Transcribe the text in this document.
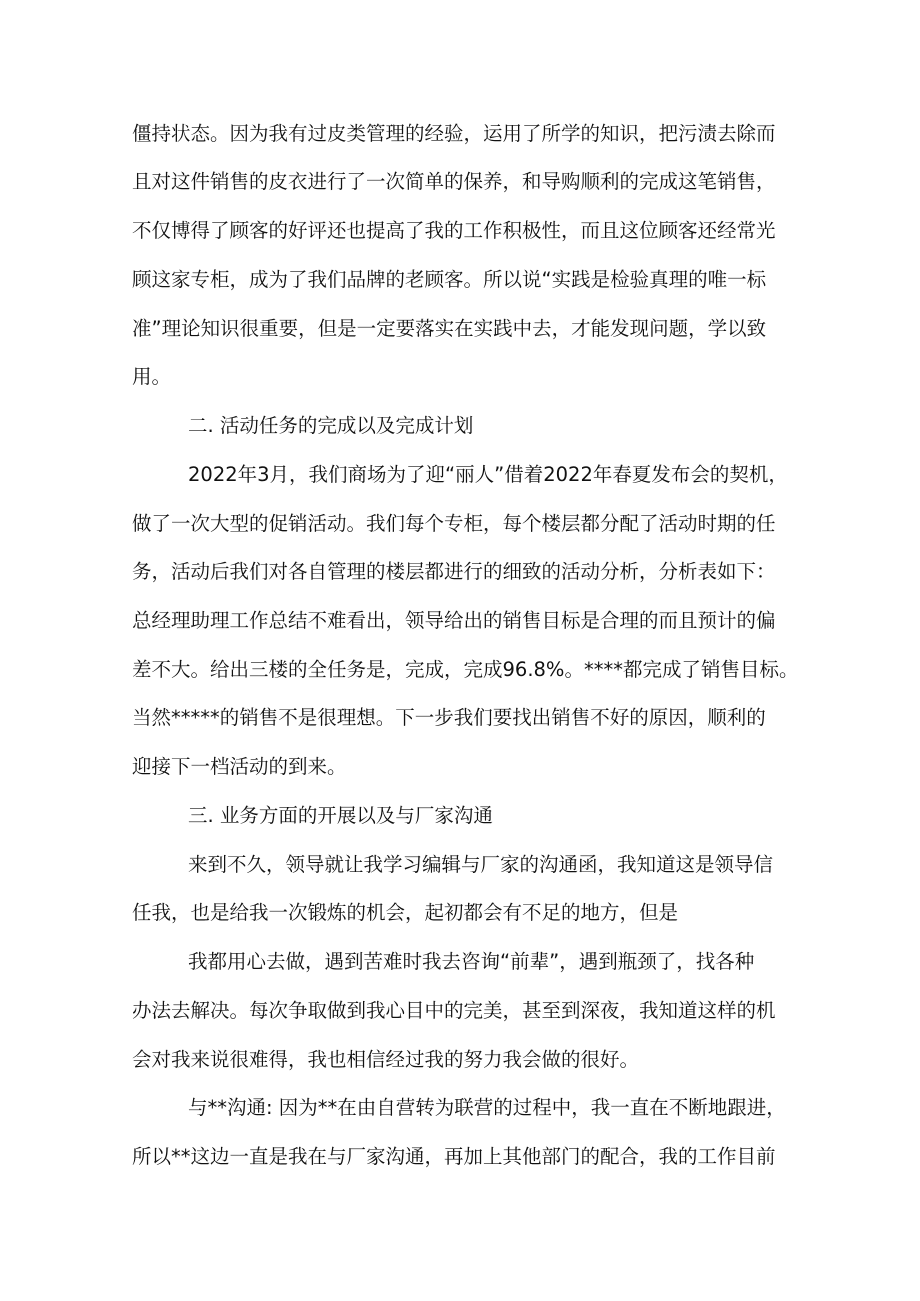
僵持状态。因为我有过皮类管理的经验，运用了所学的知识，把污渍去除而
且对这件销售的皮衣进行了一次简单的保养，和导购顺利的完成这笔销售，
不仅博得了顾客的好评还也提高了我的工作积极性，而且这位顾客还经常光
顾这家专柜，成为了我们品牌的老顾客。所以说“实践是检验真理的唯一标
准”理论知识很重要，但是一定要落实在实践中去，才能发现问题，学以致
用。
二. 活动任务的完成以及完成计划
2022年3月，我们商场为了迎“丽人”借着2022年春夏发布会的契机，
做了一次大型的促销活动。我们每个专柜，每个楼层都分配了活动时期的任
务，活动后我们对各自管理的楼层都进行的细致的活动分析，分析表如下：
总经理助理工作总结不难看出，领导给出的销售目标是合理的而且预计的偏
差不大。给出三楼的全任务是，完成，完成96.8%。****都完成了销售目标。
当然*****的销售不是很理想。下一步我们要找出销售不好的原因，顺利的
迎接下一档活动的到来。
三. 业务方面的开展以及与厂家沟通
来到不久，领导就让我学习编辑与厂家的沟通函，我知道这是领导信
任我，也是给我一次锻炼的机会，起初都会有不足的地方，但是
我都用心去做，遇到苦难时我去咨询“前辈”，遇到瓶颈了，找各种
办法去解决。每次争取做到我心目中的完美，甚至到深夜，我知道这样的机
会对我来说很难得，我也相信经过我的努力我会做的很好。
与**沟通: 因为**在由自营转为联营的过程中，我一直在不断地跟进，
所以**这边一直是我在与厂家沟通，再加上其他部门的配合，我的工作目前
